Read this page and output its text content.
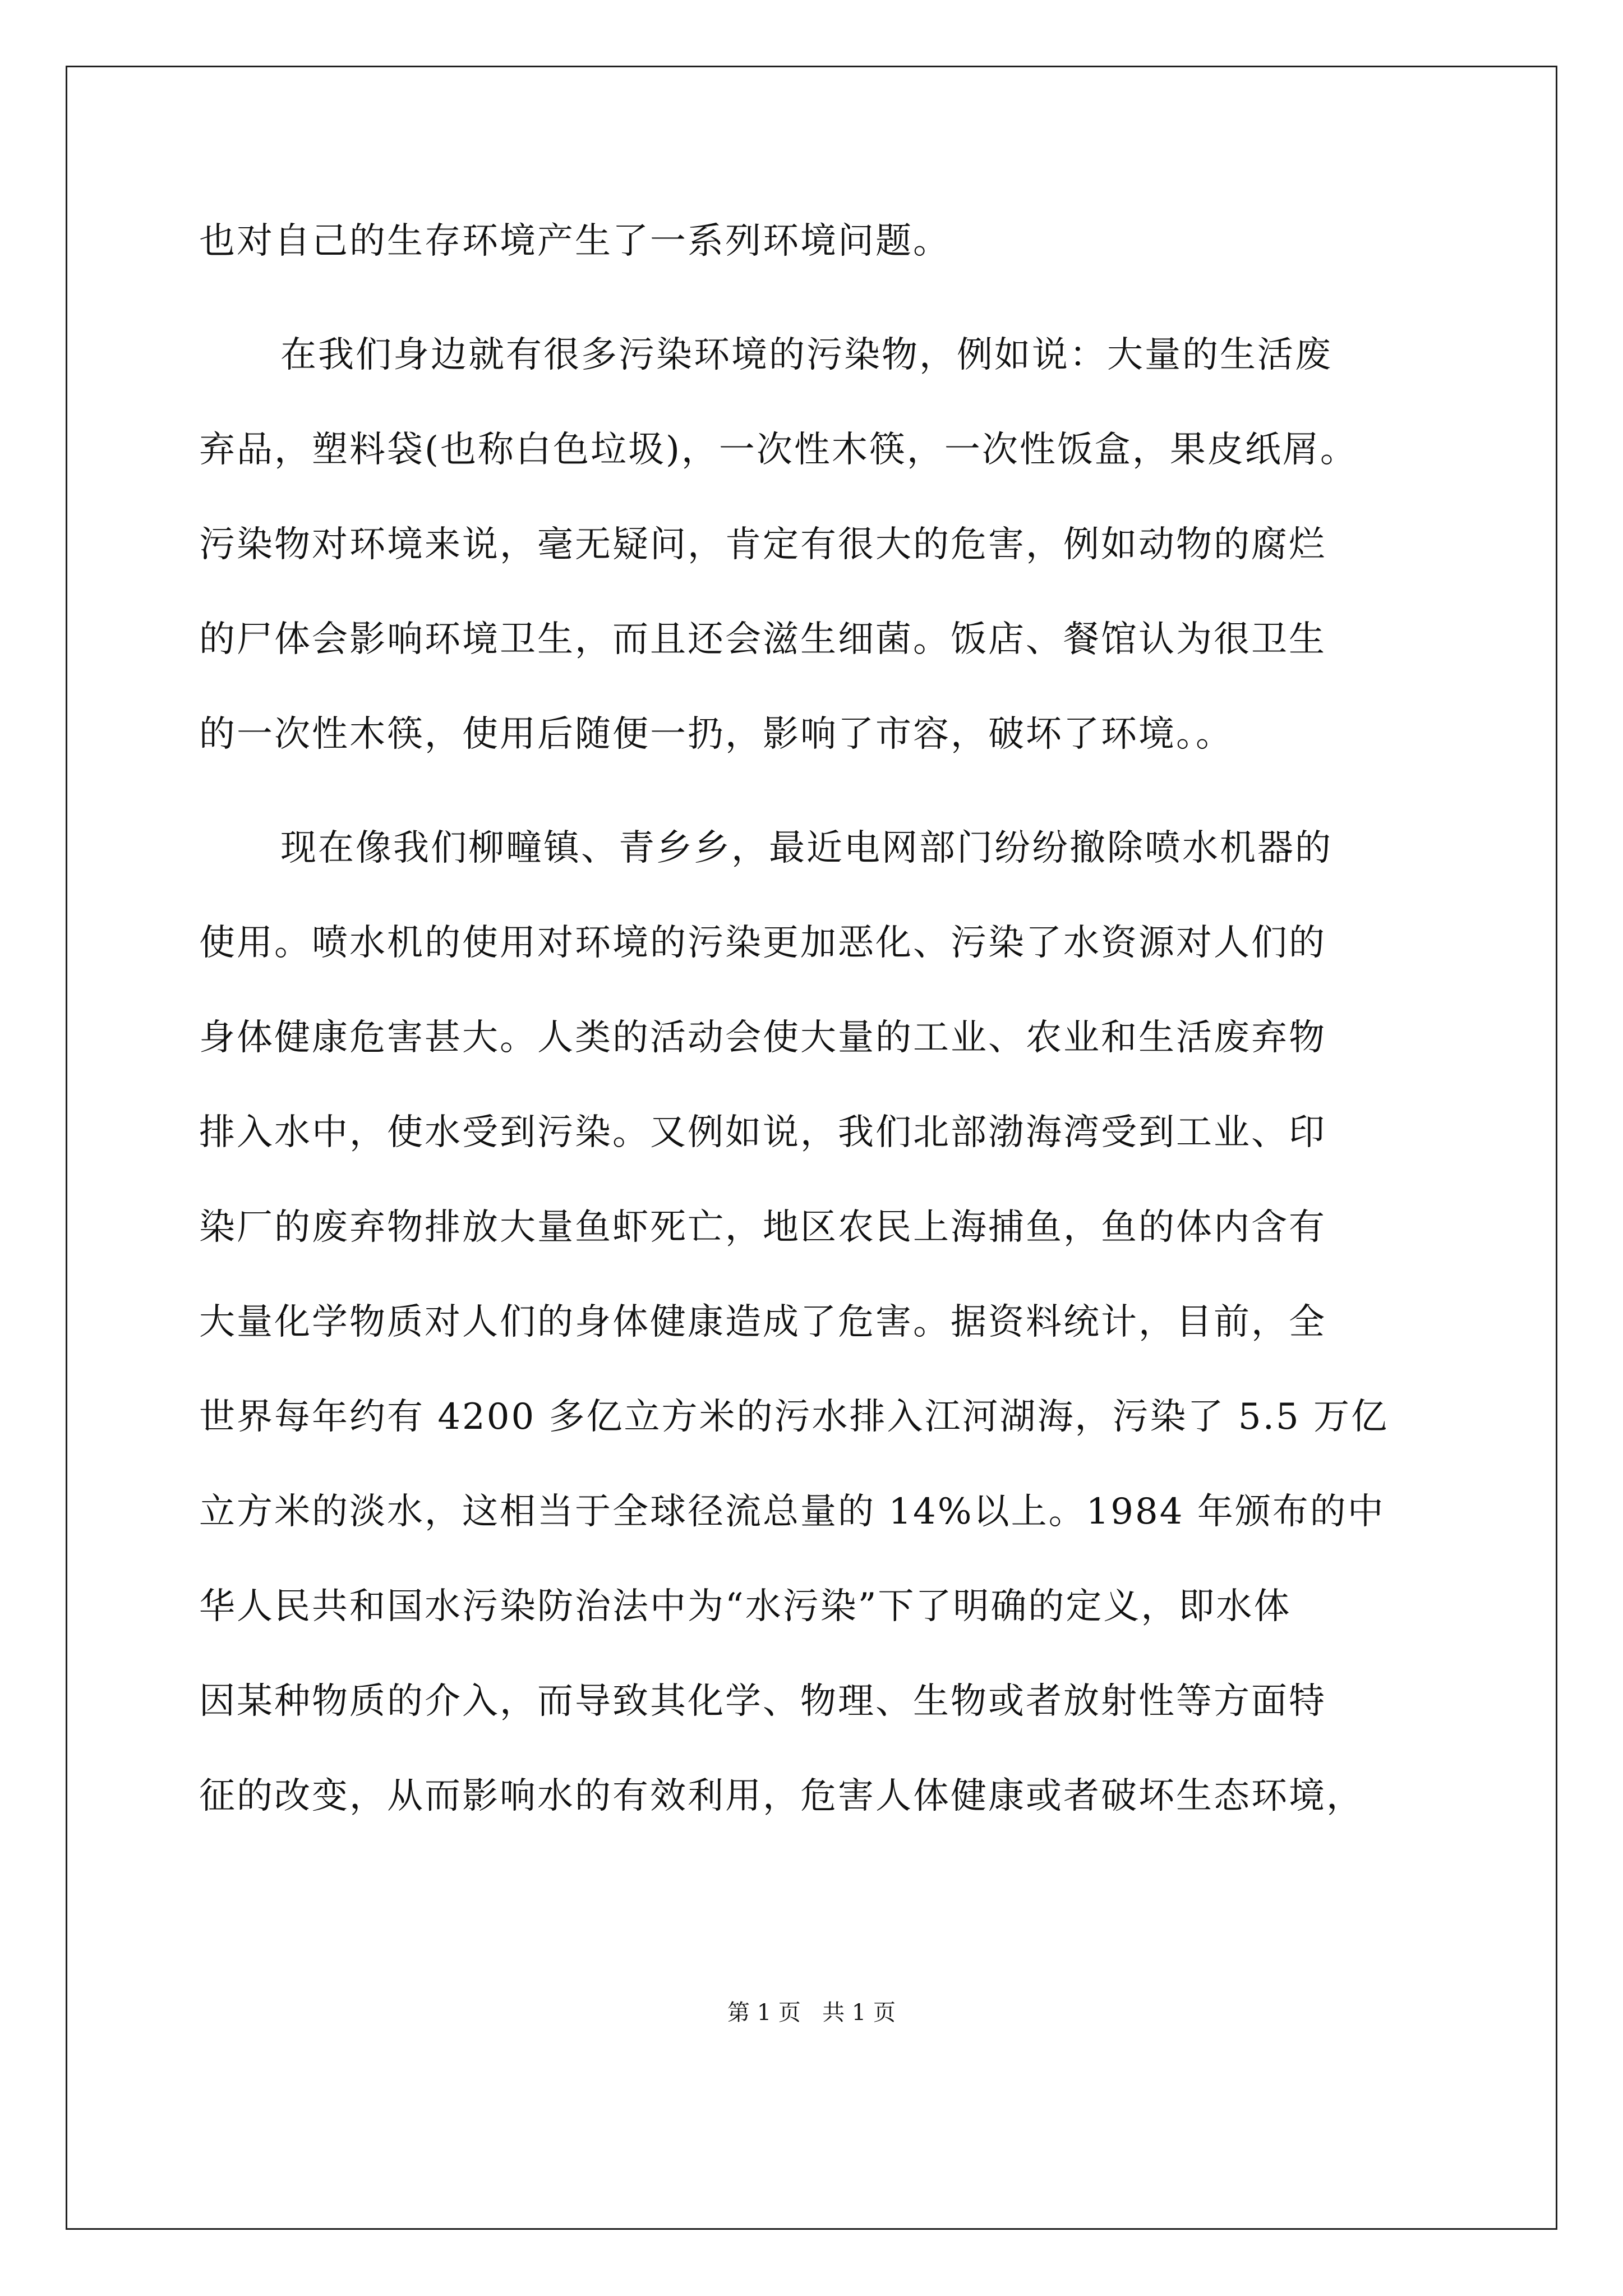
也对自己的生存环境产生了一系列环境问题。
在我们身边就有很多污染环境的污染物，例如说：大量的生活废
弃品，塑料袋(也称白色垃圾)，一次性木筷，一次性饭盒，果皮纸屑。
污染物对环境来说，毫无疑问，肯定有很大的危害，例如动物的腐烂
的尸体会影响环境卫生，而且还会滋生细菌。饭店、餐馆认为很卫生
的一次性木筷，使用后随便一扔，影响了市容，破坏了环境。。
现在像我们柳疃镇、青乡乡，最近电网部门纷纷撤除喷水机器的
使用。喷水机的使用对环境的污染更加恶化、污染了水资源对人们的
身体健康危害甚大。人类的活动会使大量的工业、农业和生活废弃物
排入水中，使水受到污染。又例如说，我们北部渤海湾受到工业、印
染厂的废弃物排放大量鱼虾死亡，地区农民上海捕鱼，鱼的体内含有
大量化学物质对人们的身体健康造成了危害。据资料统计，目前，全
世界每年约有 4200 多亿立方米的污水排入江河湖海，污染了 5.5 万亿
立方米的淡水，这相当于全球径流总量的 14%以上。1984 年颁布的中
华人民共和国水污染防治法中为“水污染”下了明确的定义，即水体
因某种物质的介入，而导致其化学、物理、生物或者放射性等方面特
征的改变，从而影响水的有效利用，危害人体健康或者破坏生态环境，
第 1 页   共 1 页
